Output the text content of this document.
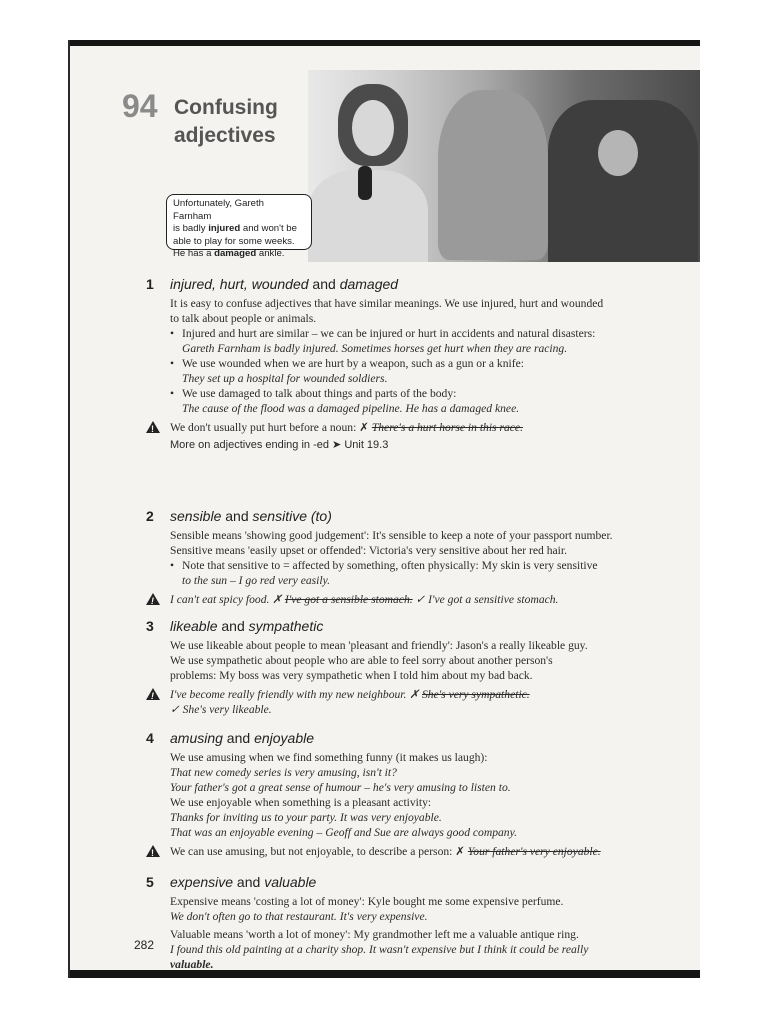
94 Confusing adjectives
Unfortunately, Gareth Farnham
is badly injured and won't be
able to play for some weeks.
He has a damaged ankle.
1 injured, hurt, wounded and damaged
It is easy to confuse adjectives that have similar meanings. We use injured, hurt and wounded
to talk about people or animals.
• Injured and hurt are similar – we can be injured or hurt in accidents and natural disasters:
Gareth Farnham is badly injured. Sometimes horses get hurt when they are racing.
• We use wounded when we are hurt by a weapon, such as a gun or a knife:
They set up a hospital for wounded soldiers.
• We use damaged to talk about things and parts of the body:
The cause of the flood was a damaged pipeline. He has a damaged knee.
!
We don't usually put hurt before a noun: ✗ There's a hurt horse in this race.
More on adjectives ending in -ed ➤ Unit 19.3
2 sensible and sensitive (to)
Sensible means 'showing good judgement': It's sensible to keep a note of your passport number.
Sensitive means 'easily upset or offended': Victoria's very sensitive about her red hair.
• Note that sensitive to = affected by something, often physically: My skin is very sensitive
to the sun – I go red very easily.
!
I can't eat spicy food. ✗ I've got a sensible stomach. ✓ I've got a sensitive stomach.
3 likeable and sympathetic
We use likeable about people to mean 'pleasant and friendly': Jason's a really likeable guy.
We use sympathetic about people who are able to feel sorry about another person's
problems: My boss was very sympathetic when I told him about my bad back.
!
I've become really friendly with my new neighbour. ✗ She's very sympathetic.
✓ She's very likeable.
4 amusing and enjoyable
We use amusing when we find something funny (it makes us laugh):
That new comedy series is very amusing, isn't it?
Your father's got a great sense of humour – he's very amusing to listen to.
We use enjoyable when something is a pleasant activity:
Thanks for inviting us to your party. It was very enjoyable.
That was an enjoyable evening – Geoff and Sue are always good company.
!
We can use amusing, but not enjoyable, to describe a person: ✗ Your father's very enjoyable.
5 expensive and valuable
Expensive means 'costing a lot of money': Kyle bought me some expensive perfume.
We don't often go to that restaurant. It's very expensive.
Valuable means 'worth a lot of money': My grandmother left me a valuable antique ring.
I found this old painting at a charity shop. It wasn't expensive but I think it could be really
valuable.
282
